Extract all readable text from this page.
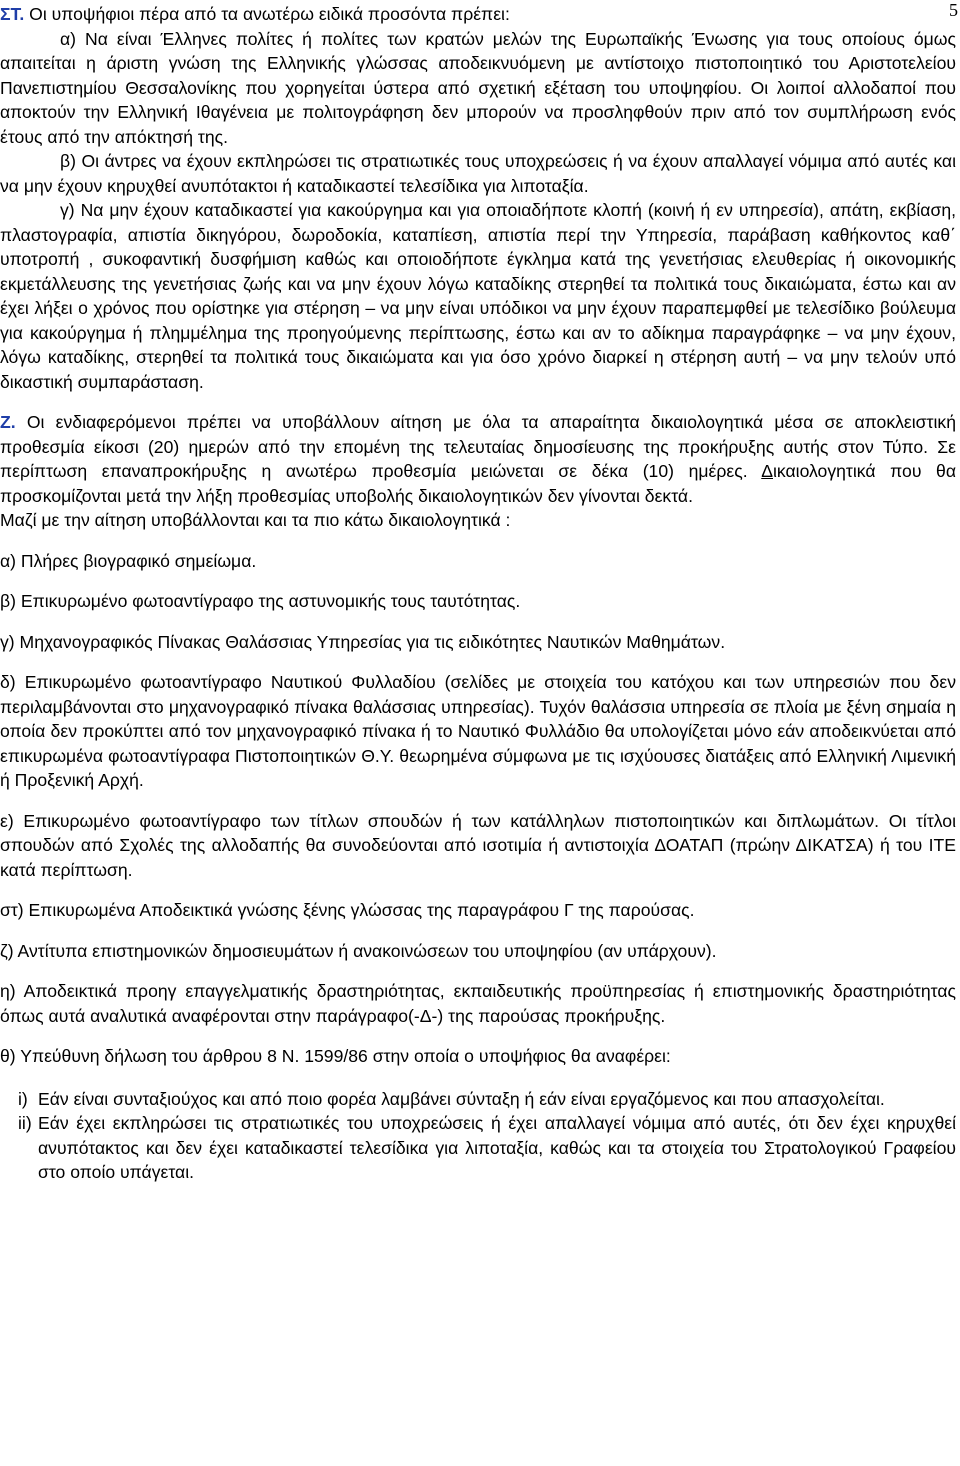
5

ΣΤ. Οι υποψήφιοι πέρα από τα ανωτέρω ειδικά προσόντα πρέπει:

α) Να είναι Έλληνες πολίτες ή πολίτες των κρατών μελών της Ευρωπαϊκής Ένωσης για τους οποίους όμως απαιτείται η άριστη γνώση της Ελληνικής γλώσσας αποδεικνυόμενη με αντίστοιχο πιστοποιητικό του Αριστοτελείου Πανεπιστημίου Θεσσαλονίκης που χορηγείται ύστερα από σχετική εξέταση του υποψηφίου. Οι λοιποί αλλοδαποί που αποκτούν την Ελληνική Ιθαγένεια με πολιτογράφηση δεν μπορούν να προσληφθούν πριν από τον συμπλήρωση ενός έτους από την απόκτησή της.

β) Οι άντρες να έχουν εκπληρώσει τις στρατιωτικές τους υποχρεώσεις ή να έχουν απαλλαγεί νόμιμα από αυτές και να μην έχουν κηρυχθεί ανυπότακτοι ή καταδικαστεί τελεσίδικα για λιποταξία.

γ) Να μην έχουν καταδικαστεί για κακούργημα και για οποιαδήποτε κλοπή (κοινή ή εν υπηρεσία), απάτη, εκβίαση, πλαστογραφία, απιστία δικηγόρου, δωροδοκία, καταπίεση, απιστία περί την Υπηρεσία, παράβαση καθήκοντος καθ΄ υποτροπή , συκοφαντική δυσφήμιση καθώς και οποιοδήποτε έγκλημα κατά της γενετήσιας ελευθερίας ή οικονομικής εκμετάλλευσης της γενετήσιας ζωής και να μην έχουν λόγω καταδίκης στερηθεί τα πολιτικά τους δικαιώματα, έστω και αν έχει λήξει ο χρόνος που ορίστηκε για στέρηση – να μην είναι υπόδικοι να μην έχουν παραπεμφθεί με τελεσίδικο βούλευμα για κακούργημα ή πλημμέλημα της προηγούμενης περίπτωσης, έστω και αν το αδίκημα παραγράφηκε – να μην έχουν, λόγω καταδίκης, στερηθεί τα πολιτικά τους δικαιώματα και για όσο χρόνο διαρκεί η στέρηση αυτή – να μην τελούν υπό δικαστική συμπαράσταση.

Ζ. Οι ενδιαφερόμενοι πρέπει να υποβάλλουν αίτηση με όλα τα απαραίτητα δικαιολογητικά μέσα σε αποκλειστική προθεσμία είκοσι (20) ημερών από την επομένη της τελευταίας δημοσίευσης της προκήρυξης αυτής στον Τύπο. Σε περίπτωση επαναπροκήρυξης η ανωτέρω προθεσμία μειώνεται σε δέκα (10) ημέρες. Δικαιολογητικά που θα προσκομίζονται μετά την λήξη προθεσμίας υποβολής δικαιολογητικών δεν γίνονται δεκτά.

Μαζί με την αίτηση υποβάλλονται και τα πιο κάτω δικαιολογητικά :

α) Πλήρες βιογραφικό σημείωμα.

β) Επικυρωμένο φωτοαντίγραφο της αστυνομικής τους ταυτότητας.

γ) Μηχανογραφικός Πίνακας Θαλάσσιας Υπηρεσίας για τις ειδικότητες Ναυτικών Μαθημάτων.

δ) Επικυρωμένο φωτοαντίγραφο Ναυτικού Φυλλαδίου (σελίδες με στοιχεία του κατόχου και των υπηρεσιών που δεν περιλαμβάνονται στο μηχανογραφικό πίνακα θαλάσσιας υπηρεσίας). Τυχόν θαλάσσια υπηρεσία σε πλοία με ξένη σημαία η οποία δεν προκύπτει από τον μηχανογραφικό πίνακα ή το Ναυτικό Φυλλάδιο θα υπολογίζεται μόνο εάν αποδεικνύεται από επικυρωμένα φωτοαντίγραφα Πιστοποιητικών Θ.Υ. θεωρημένα σύμφωνα με τις ισχύουσες διατάξεις από Ελληνική Λιμενική ή Προξενική Αρχή.

ε) Επικυρωμένο φωτοαντίγραφο των τίτλων σπουδών ή των κατάλληλων πιστοποιητικών και διπλωμάτων. Οι τίτλοι σπουδών από Σχολές της αλλοδαπής θα συνοδεύονται από ισοτιμία ή αντιστοιχία ΔΟΑΤΑΠ (πρώην ΔΙΚΑΤΣΑ) ή του ΙΤΕ κατά περίπτωση.

στ) Επικυρωμένα Αποδεικτικά γνώσης ξένης γλώσσας της παραγράφου Γ της παρούσας.

ζ) Αντίτυπα επιστημονικών δημοσιευμάτων ή ανακοινώσεων του υποψηφίου (αν υπάρχουν).

η) Αποδεικτικά προηγ επαγγελματικής δραστηριότητας, εκπαιδευτικής προϋπηρεσίας ή επιστημονικής δραστηριότητας όπως αυτά αναλυτικά αναφέρονται στην παράγραφο(-Δ-) της παρούσας προκήρυξης.

θ) Υπεύθυνη δήλωση του άρθρου 8 Ν. 1599/86 στην οποία ο υποψήφιος θα αναφέρει:

i) Εάν είναι συνταξιούχος και από ποιο φορέα λαμβάνει σύνταξη ή εάν είναι εργαζόμενος και που απασχολείται.
ii) Εάν έχει εκπληρώσει τις στρατιωτικές του υποχρεώσεις ή έχει απαλλαγεί νόμιμα από αυτές, ότι δεν έχει κηρυχθεί ανυπότακτος και δεν έχει καταδικαστεί τελεσίδικα για λιποταξία, καθώς και τα στοιχεία του Στρατολογικού Γραφείου στο οποίο υπάγεται.
